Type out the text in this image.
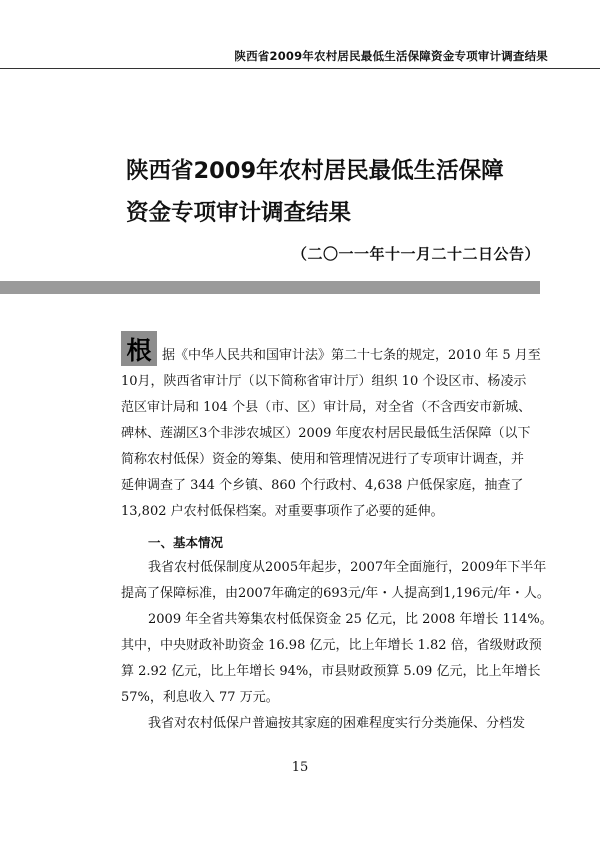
陕西省2009年农村居民最低生活保障资金专项审计调查结果
陕西省2009年农村居民最低生活保障
资金专项审计调查结果
（二〇一一年十一月二十二日公告）
根 据《中华人民共和国审计法》第二十七条的规定，2010 年 5 月至
10月，陕西省审计厅（以下简称省审计厅）组织 10 个设区市、杨凌示
范区审计局和 104 个县（市、区）审计局，对全省（不含西安市新城、
碑林、莲湖区3个非涉农城区）2009 年度农村居民最低生活保障（以下
简称农村低保）资金的筹集、使用和管理情况进行了专项审计调查，并
延伸调查了 344 个乡镇、860 个行政村、4,638 户低保家庭，抽查了
13,802 户农村低保档案。对重要事项作了必要的延伸。
一、基本情况
我省农村低保制度从2005年起步，2007年全面施行，2009年下半年
提高了保障标准，由2007年确定的693元/年・人提高到1,196元/年・人。
2009 年全省共筹集农村低保资金 25 亿元，比 2008 年增长 114%。
其中，中央财政补助资金 16.98 亿元，比上年增长 1.82 倍，省级财政预
算 2.92 亿元，比上年增长 94%，市县财政预算 5.09 亿元，比上年增长
57%，利息收入 77 万元。
我省对农村低保户普遍按其家庭的困难程度实行分类施保、分档发
15
